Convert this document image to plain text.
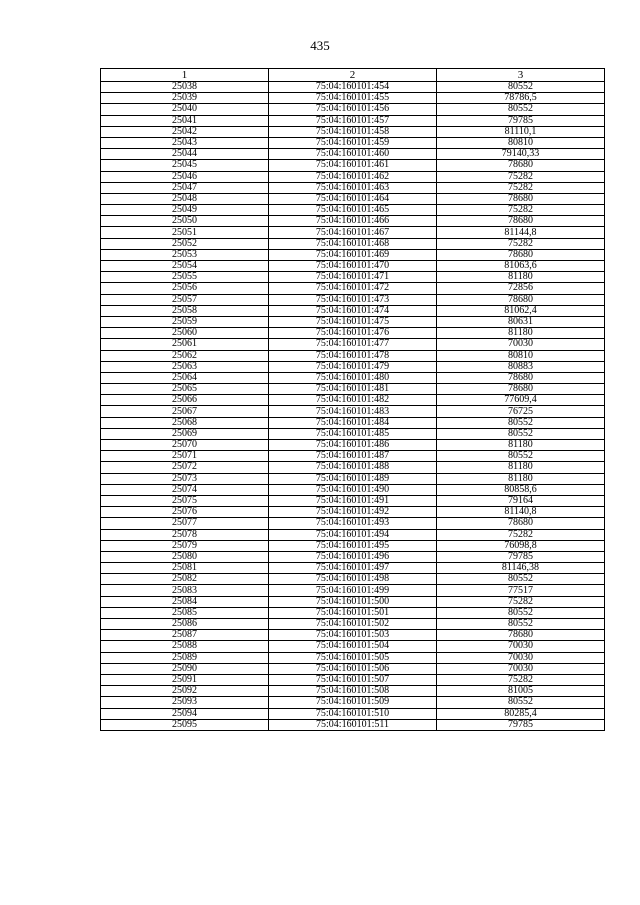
435
1	2	3
25038	75:04:160101:454	80552
25039	75:04:160101:455	78786,5
25040	75:04:160101:456	80552
25041	75:04:160101:457	79785
25042	75:04:160101:458	81110,1
25043	75:04:160101:459	80810
25044	75:04:160101:460	79140,33
25045	75:04:160101:461	78680
25046	75:04:160101:462	75282
25047	75:04:160101:463	75282
25048	75:04:160101:464	78680
25049	75:04:160101:465	75282
25050	75:04:160101:466	78680
25051	75:04:160101:467	81144,8
25052	75:04:160101:468	75282
25053	75:04:160101:469	78680
25054	75:04:160101:470	81063,6
25055	75:04:160101:471	81180
25056	75:04:160101:472	72856
25057	75:04:160101:473	78680
25058	75:04:160101:474	81062,4
25059	75:04:160101:475	80631
25060	75:04:160101:476	81180
25061	75:04:160101:477	70030
25062	75:04:160101:478	80810
25063	75:04:160101:479	80883
25064	75:04:160101:480	78680
25065	75:04:160101:481	78680
25066	75:04:160101:482	77609,4
25067	75:04:160101:483	76725
25068	75:04:160101:484	80552
25069	75:04:160101:485	80552
25070	75:04:160101:486	81180
25071	75:04:160101:487	80552
25072	75:04:160101:488	81180
25073	75:04:160101:489	81180
25074	75:04:160101:490	80858,6
25075	75:04:160101:491	79164
25076	75:04:160101:492	81140,8
25077	75:04:160101:493	78680
25078	75:04:160101:494	75282
25079	75:04:160101:495	76098,8
25080	75:04:160101:496	79785
25081	75:04:160101:497	81146,38
25082	75:04:160101:498	80552
25083	75:04:160101:499	77517
25084	75:04:160101:500	75282
25085	75:04:160101:501	80552
25086	75:04:160101:502	80552
25087	75:04:160101:503	78680
25088	75:04:160101:504	70030
25089	75:04:160101:505	70030
25090	75:04:160101:506	70030
25091	75:04:160101:507	75282
25092	75:04:160101:508	81005
25093	75:04:160101:509	80552
25094	75:04:160101:510	80285,4
25095	75:04:160101:511	79785
